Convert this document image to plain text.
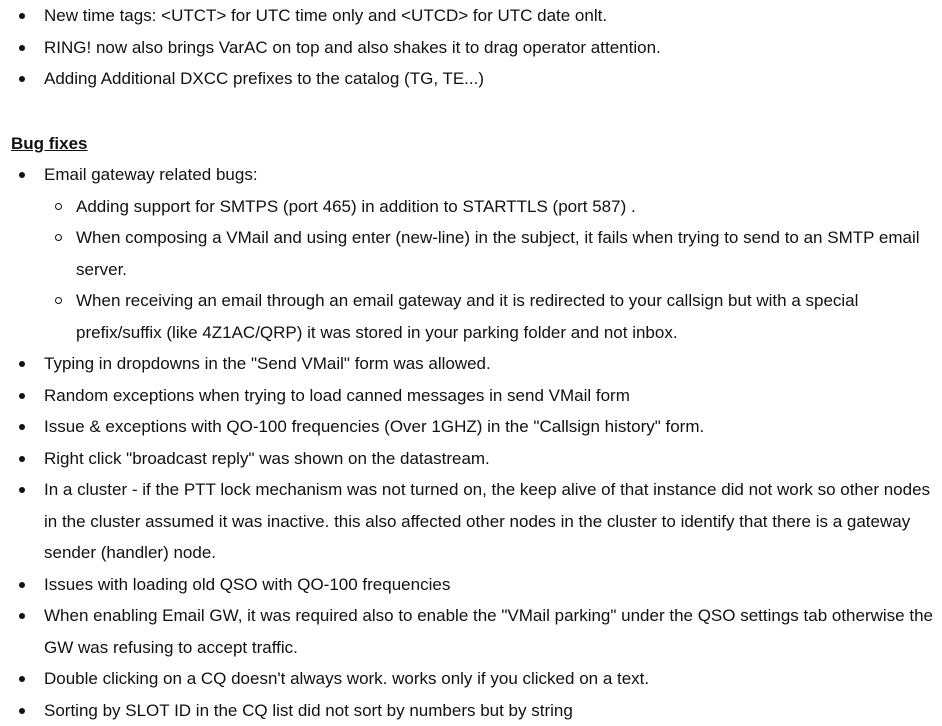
New time tags: <UTCT> for UTC time only and <UTCD> for UTC date onlt.
RING! now also brings VarAC on top and also shakes it to drag operator attention.
Adding Additional DXCC prefixes to the catalog (TG, TE...)
Bug fixes
Email gateway related bugs:
Adding support for SMTPS (port 465) in addition to STARTTLS (port 587) .
When composing a VMail and using enter (new-line) in the subject, it fails when trying to send to an SMTP email server.
When receiving an email through an email gateway and it is redirected to your callsign but with a special prefix/suffix (like 4Z1AC/QRP) it was stored in your parking folder and not inbox.
Typing in dropdowns in the "Send VMail" form was allowed.
Random exceptions when trying to load canned messages in send VMail form
Issue & exceptions with QO-100 frequencies (Over 1GHZ) in the "Callsign history" form.
Right click "broadcast reply" was shown on the datastream.
In a cluster - if the PTT lock mechanism was not turned on, the keep alive of that instance did not work so other nodes in the cluster assumed it was inactive. this also affected other nodes in the cluster to identify that there is a gateway sender (handler) node.
Issues with loading old QSO with QO-100 frequencies
When enabling Email GW, it was required also to enable the "VMail parking" under the QSO settings tab otherwise the GW was refusing to accept traffic.
Double clicking on a CQ doesn't always work. works only if you clicked on a text.
Sorting by SLOT ID in the CQ list did not sort by numbers but by string
